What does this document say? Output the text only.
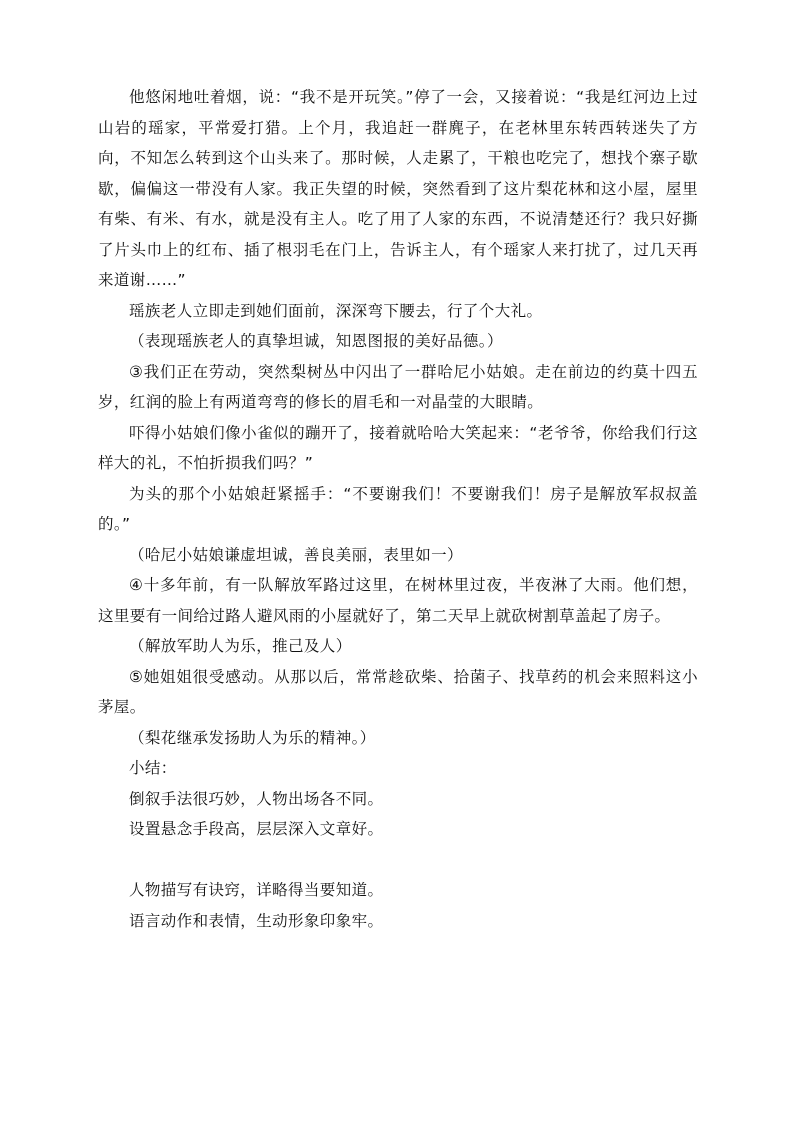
他悠闲地吐着烟，说：“我不是开玩笑。”停了一会，又接着说：“我是红河边上过山岩的瑶家，平常爱打猎。上个月，我追赶一群麂子，在老林里东转西转迷失了方向，不知怎么转到这个山头来了。那时候，人走累了，干粮也吃完了，想找个寨子歇歇，偏偏这一带没有人家。我正失望的时候，突然看到了这片梨花林和这小屋，屋里有柴、有米、有水，就是没有主人。吃了用了人家的东西，不说清楚还行？我只好撕了片头巾上的红布、插了根羽毛在门上，告诉主人，有个瑶家人来打扰了，过几天再来道谢……”

瑶族老人立即走到她们面前，深深弯下腰去，行了个大礼。

（表现瑶族老人的真挚坦诚，知恩图报的美好品德。）

③我们正在劳动，突然梨树丛中闪出了一群哈尼小姑娘。走在前边的约莫十四五岁，红润的脸上有两道弯弯的修长的眉毛和一对晶莹的大眼睛。

吓得小姑娘们像小雀似的蹦开了，接着就哈哈大笑起来：“老爷爷，你给我们行这样大的礼，不怕折损我们吗？”

为头的那个小姑娘赶紧摇手：“不要谢我们！不要谢我们！房子是解放军叔叔盖的。”

（哈尼小姑娘谦虚坦诚，善良美丽，表里如一）

④十多年前，有一队解放军路过这里，在树林里过夜，半夜淋了大雨。他们想，这里要有一间给过路人避风雨的小屋就好了，第二天早上就砍树割草盖起了房子。

（解放军助人为乐，推己及人）

⑤她姐姐很受感动。从那以后，常常趁砍柴、拾菌子、找草药的机会来照料这小茅屋。

（梨花继承发扬助人为乐的精神。）

小结：

倒叙手法很巧妙，人物出场各不同。

设置悬念手段高，层层深入文章好。

人物描写有诀窍，详略得当要知道。

语言动作和表情，生动形象印象牢。
